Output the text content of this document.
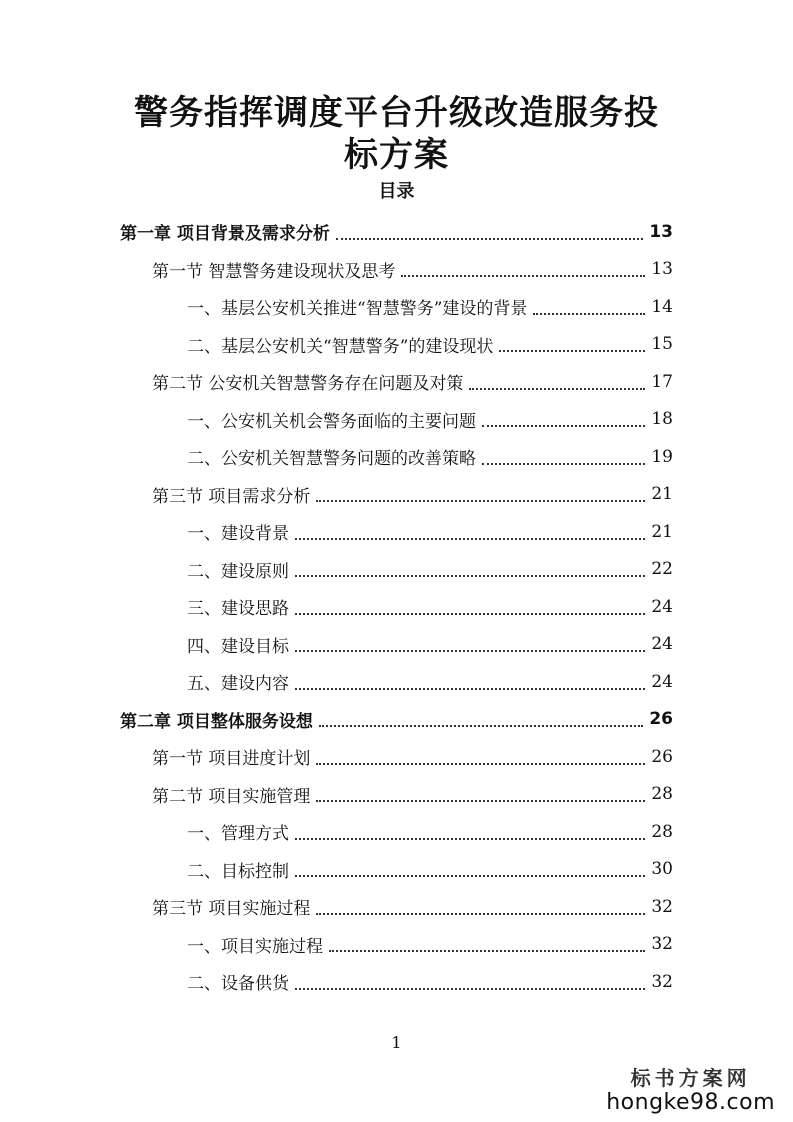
警务指挥调度平台升级改造服务投标方案
目录
第一章 项目背景及需求分析	13
第一节 智慧警务建设现状及思考	13
一、基层公安机关推进“智慧警务”建设的背景	14
二、基层公安机关“智慧警务”的建设现状	15
第二节 公安机关智慧警务存在问题及对策	17
一、公安机关机会警务面临的主要问题	18
二、公安机关智慧警务问题的改善策略	19
第三节 项目需求分析	21
一、建设背景	21
二、建设原则	22
三、建设思路	24
四、建设目标	24
五、建设内容	24
第二章 项目整体服务设想	26
第一节 项目进度计划	26
第二节 项目实施管理	28
一、管理方式	28
二、目标控制	30
第三节 项目实施过程	32
一、项目实施过程	32
二、设备供货	32
1
标书方案网
hongke98.com
